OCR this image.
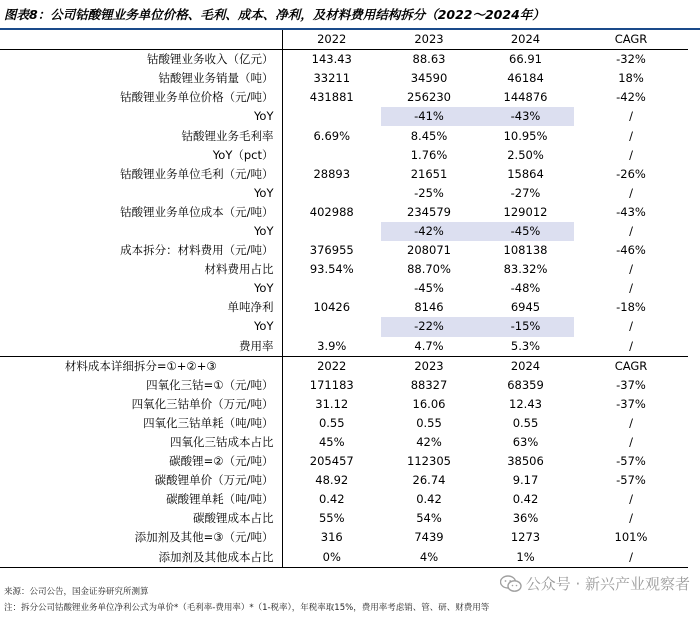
图表8：公司钴酸锂业务单位价格、毛利、成本、净利，及材料费用结构拆分（2022～2024年）
	2022	2023	2024	CAGR
钴酸锂业务收入（亿元）	143.43	88.63	66.91	-32%
钴酸锂业务销量（吨）	33211	34590	46184	18%
钴酸锂业务单位价格（元/吨）	431881	256230	144876	-42%
YoY		-41%	-43%	/
钴酸锂业务毛利率	6.69%	8.45%	10.95%	/
YoY（pct）		1.76%	2.50%	/
钴酸锂业务单位毛利（元/吨）	28893	21651	15864	-26%
YoY		-25%	-27%	/
钴酸锂业务单位成本（元/吨）	402988	234579	129012	-43%
YoY		-42%	-45%	/
成本拆分：材料费用（元/吨）	376955	208071	108138	-46%
材料费用占比	93.54%	88.70%	83.32%	/
YoY		-45%	-48%	/
单吨净利	10426	8146	6945	-18%
YoY		-22%	-15%	/
费用率	3.9%	4.7%	5.3%	/
材料成本详细拆分=①+②+③	2022	2023	2024	CAGR
四氧化三钴=①（元/吨）	171183	88327	68359	-37%
四氧化三钴单价（万元/吨）	31.12	16.06	12.43	-37%
四氧化三钴单耗（吨/吨）	0.55	0.55	0.55	/
四氧化三钴成本占比	45%	42%	63%	/
碳酸锂=②（元/吨）	205457	112305	38506	-57%
碳酸锂单价（万元/吨）	48.92	26.74	9.17	-57%
碳酸锂单耗（吨/吨）	0.42	0.42	0.42	/
碳酸锂成本占比	55%	54%	36%	/
添加剂及其他=③（元/吨）	316	7439	1273	101%
添加剂及其他成本占比	0%	4%	1%	/
来源：公司公告，国金证券研究所测算
注：拆分公司钴酸锂业务单位净利公式为单价*（毛利率-费用率）*（1-税率），年税率取15%，费用率考虑销、管、研、财费用等
公众号 · 新兴产业观察者
